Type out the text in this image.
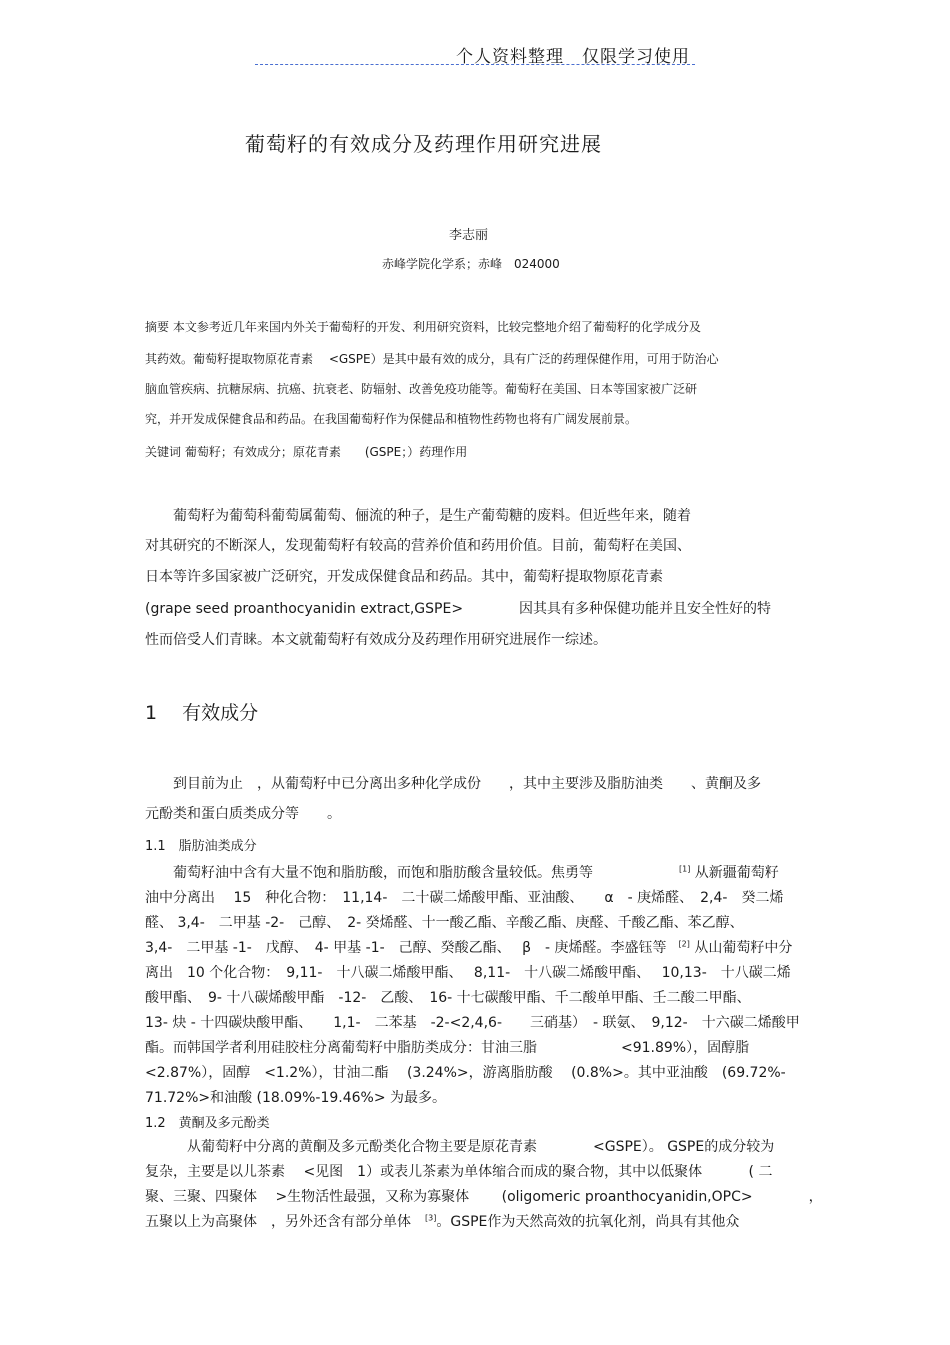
个人资料整理　仅限学习使用
葡萄籽的有效成分及药理作用研究进展
李志丽
赤峰学院化学系；赤峰　024000
摘要 本文参考近几年来国内外关于葡萄籽的开发、利用研究资料，比较完整地介绍了葡萄籽的化学成分及
其药效。葡萄籽提取物原花青素　 <GSPE）是其中最有效的成分，具有广泛的药理保健作用，可用于防治心
脑血管疾病、抗糖尿病、抗癌、抗衰老、防辐射、改善免疫功能等。葡萄籽在美国、日本等国家被广泛研
究，并开发成保健食品和药品。在我国葡萄籽作为保健品和植物性药物也将有广阔发展前景。
关键词 葡萄籽；有效成分；原花青素　　(GSPE；）药理作用
　　葡萄籽为葡萄科葡萄属葡萄、俪流的种子，是生产葡萄糖的废料。但近些年来，随着
对其研究的不断深人，发现葡萄籽有较高的营养价值和药用价值。目前，葡萄籽在美国、
日本等许多国家被广泛研究，开发成保健食品和药品。其中，葡萄籽提取物原花青素
(grape seed proanthocyanidin extract,GSPE>　　　　因其具有多种保健功能并且安全性好的特
性而倍受人们青睐。本文就葡萄籽有效成分及药理作用研究进展作一综述。
1　 有效成分
　　到目前为止　，从葡萄籽中已分离出多种化学成份　　，其中主要涉及脂肪油类　　、黄酮及多
元酚类和蛋白质类成分等　　。
1.1　脂肪油类成分
　　葡萄籽油中含有大量不饱和脂肪酸，而饱和脂肪酸含量较低。焦勇等	[1] 从新疆葡萄籽
油中分离出　 15　种化合物：　11,14-　二十碳二烯酸甲酯、亚油酸、　　α　- 庚烯醛、　2,4-　癸二烯
醛、 3,4-　二甲基 -2-　己醇、　2- 癸烯醛、十一酸乙酯、辛酸乙酯、庚醛、千酸乙酯、苯乙醇、
3,4-　二甲基 -1-　戊醇、　4- 甲基 -1-　己醇、癸酸乙酯、　 β　- 庚烯醛。李盛钰等 [2] 从山葡萄籽中分
离出　10 个化合物：　9,11-　十八碳二烯酸甲酯、　 8,11-　十八碳二烯酸甲酯、　 10,13-　十八碳二烯
酸甲酯、　9- 十八碳烯酸甲酯　-12-　乙酸、　16- 十七碳酸甲酯、千二酸单甲酯、壬二酸二甲酯、
13- 炔 - 十四碳炔酸甲酯、　　1,1-　二苯基　-2-<2,4,6-　　三硝基）　- 联氨、　9,12-　十六碳二烯酸甲
酯。而韩国学者利用硅胶柱分离葡萄籽中脂肪类成分：甘油三脂　　　　　　<91.89%），固醇脂
<2.87%），固醇　<1.2%），甘油二酯　 (3.24%>，游离脂肪酸　 (0.8%>。其中亚油酸　(69.72%-
71.72%>和油酸 (18.09%-19.46%> 为最多。
1.2　黄酮及多元酚类
　　　从葡萄籽中分离的黄酮及多元酚类化合物主要是原花青素　　　　<GSPE）。 GSPE的成分较为
复杂，主要是以儿茶素　 <见图　1）或表儿茶素为单体缩合而成的聚合物，其中以低聚体　　　 ( 二
聚、三聚、四聚体　 >生物活性最强，又称为寡聚体　　 (oligomeric proanthocyanidin,OPC>　　　　，
五聚以上为高聚体　，另外还含有部分单体 [3]。GSPE作为天然高效的抗氧化剂，尚具有其他众
